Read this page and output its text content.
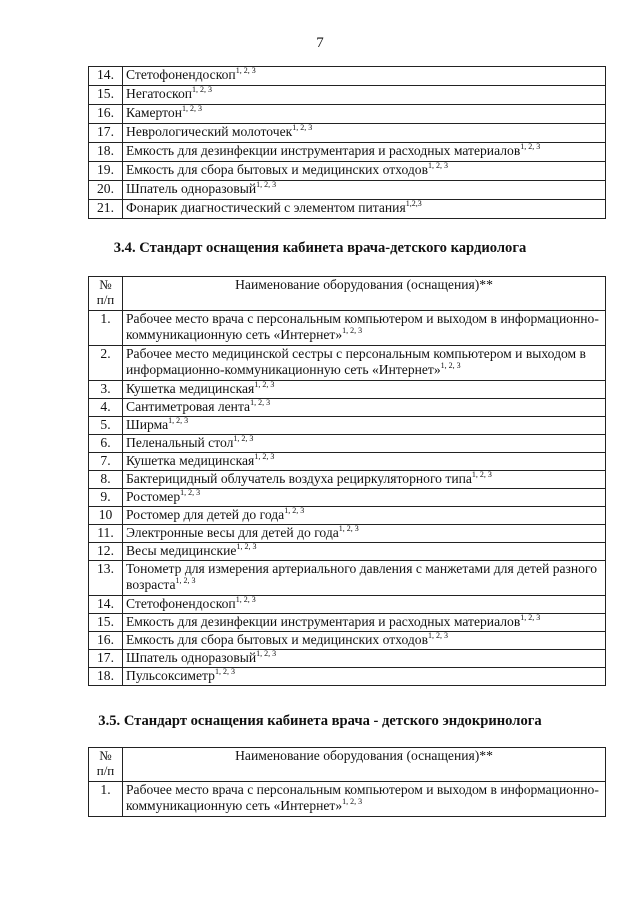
7
14.	Стетофонендоскоп$^{1, 2, 3}$
15.	Негатоскоп$^{1, 2, 3}$
16.	Камертон$^{1, 2, 3}$
17.	Неврологический молоточек$^{1, 2, 3}$
18.	Емкость для дезинфекции инструментария и расходных материалов$^{1, 2, 3}$
19.	Емкость для сбора бытовых и медицинских отходов$^{1, 2, 3}$
20.	Шпатель одноразовый$^{1, 2, 3}$
21.	Фонарик диагностический с элементом питания$^{1,2,3}$
3.4. Стандарт оснащения кабинета врача-детского кардиолога
№
п/п	Наименование оборудования (оснащения)**
1.	Рабочее место врача с персональным компьютером и выходом в информационно-коммуникационную сеть «Интернет»$^{1, 2, 3}$
2.	Рабочее место медицинской сестры с персональным компьютером и выходом в информационно-коммуникационную сеть «Интернет»$^{1, 2, 3}$
3.	Кушетка медицинская$^{1, 2, 3}$
4.	Сантиметровая лента$^{1, 2, 3}$
5.	Ширма$^{1, 2, 3}$
6.	Пеленальный стол$^{1, 2, 3}$
7.	Кушетка медицинская$^{1, 2, 3}$
8.	Бактерицидный облучатель воздуха рециркуляторного типа$^{1, 2, 3}$
9.	Ростомер$^{1, 2, 3}$
10	Ростомер для детей до года$^{1, 2, 3}$
11.	Электронные весы для детей до года$^{1, 2, 3}$
12.	Весы медицинские$^{1, 2, 3}$
13.	Тонометр для измерения артериального давления с манжетами для детей разного возраста$^{1, 2, 3}$
14.	Стетофонендоскоп$^{1, 2, 3}$
15.	Емкость для дезинфекции инструментария и расходных материалов$^{1, 2, 3}$
16.	Емкость для сбора бытовых и медицинских отходов$^{1, 2, 3}$
17.	Шпатель одноразовый$^{1, 2, 3}$
18.	Пульсоксиметр$^{1, 2, 3}$
3.5. Стандарт оснащения кабинета врача - детского эндокринолога
№
п/п	Наименование оборудования (оснащения)**
1.	Рабочее место врача с персональным компьютером и выходом в информационно-коммуникационную сеть «Интернет»$^{1, 2, 3}$
